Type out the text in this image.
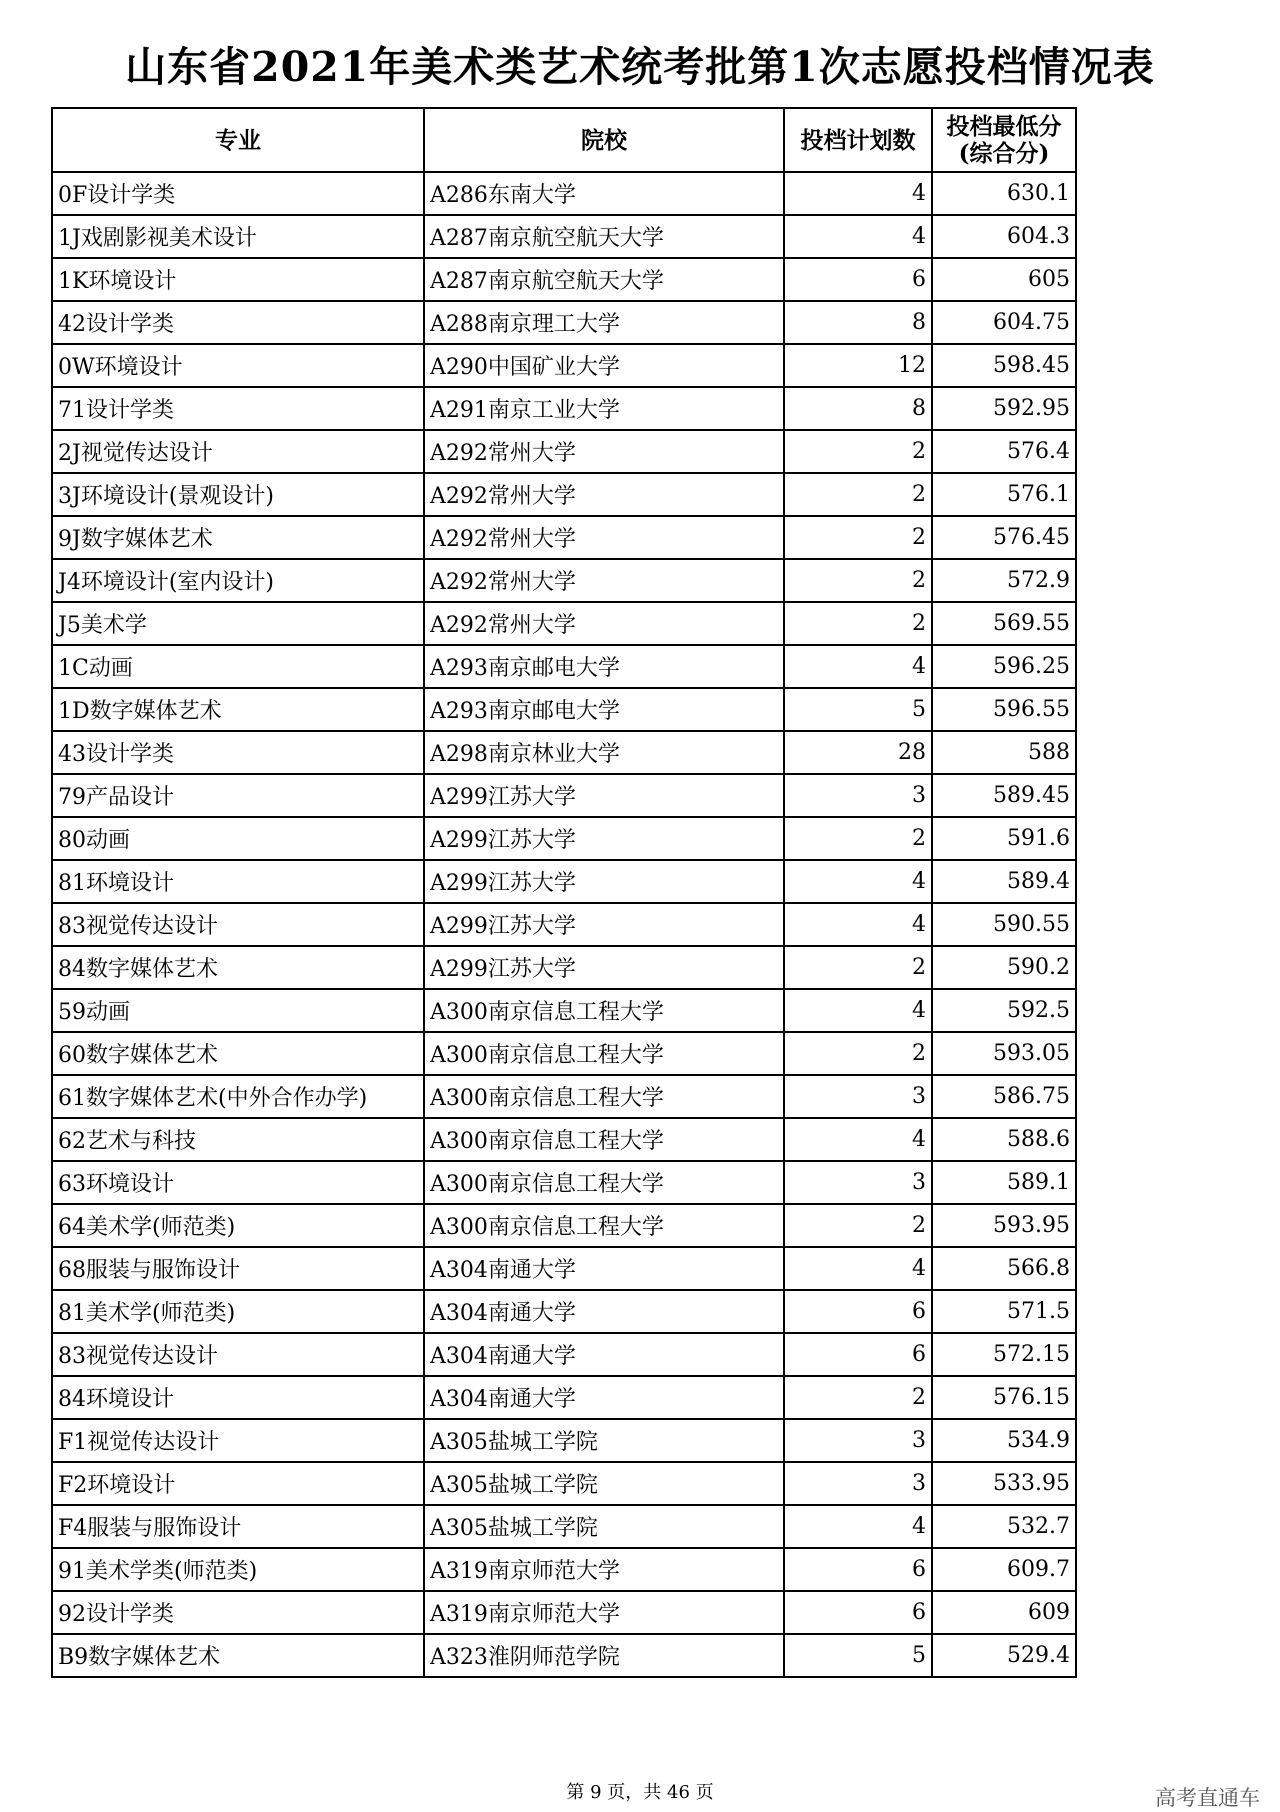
山东省2021年美术类艺术统考批第1次志愿投档情况表
专业	院校	投档计划数	投档最低分
(综合分)
0F设计学类	A286东南大学	4	630.1
1J戏剧影视美术设计	A287南京航空航天大学	4	604.3
1K环境设计	A287南京航空航天大学	6	605
42设计学类	A288南京理工大学	8	604.75
0W环境设计	A290中国矿业大学	12	598.45
71设计学类	A291南京工业大学	8	592.95
2J视觉传达设计	A292常州大学	2	576.4
3J环境设计(景观设计)	A292常州大学	2	576.1
9J数字媒体艺术	A292常州大学	2	576.45
J4环境设计(室内设计)	A292常州大学	2	572.9
J5美术学	A292常州大学	2	569.55
1C动画	A293南京邮电大学	4	596.25
1D数字媒体艺术	A293南京邮电大学	5	596.55
43设计学类	A298南京林业大学	28	588
79产品设计	A299江苏大学	3	589.45
80动画	A299江苏大学	2	591.6
81环境设计	A299江苏大学	4	589.4
83视觉传达设计	A299江苏大学	4	590.55
84数字媒体艺术	A299江苏大学	2	590.2
59动画	A300南京信息工程大学	4	592.5
60数字媒体艺术	A300南京信息工程大学	2	593.05
61数字媒体艺术(中外合作办学)	A300南京信息工程大学	3	586.75
62艺术与科技	A300南京信息工程大学	4	588.6
63环境设计	A300南京信息工程大学	3	589.1
64美术学(师范类)	A300南京信息工程大学	2	593.95
68服装与服饰设计	A304南通大学	4	566.8
81美术学(师范类)	A304南通大学	6	571.5
83视觉传达设计	A304南通大学	6	572.15
84环境设计	A304南通大学	2	576.15
F1视觉传达设计	A305盐城工学院	3	534.9
F2环境设计	A305盐城工学院	3	533.95
F4服装与服饰设计	A305盐城工学院	4	532.7
91美术学类(师范类)	A319南京师范大学	6	609.7
92设计学类	A319南京师范大学	6	609
B9数字媒体艺术	A323淮阴师范学院	5	529.4
第 9 页，共 46 页	高考直通车
